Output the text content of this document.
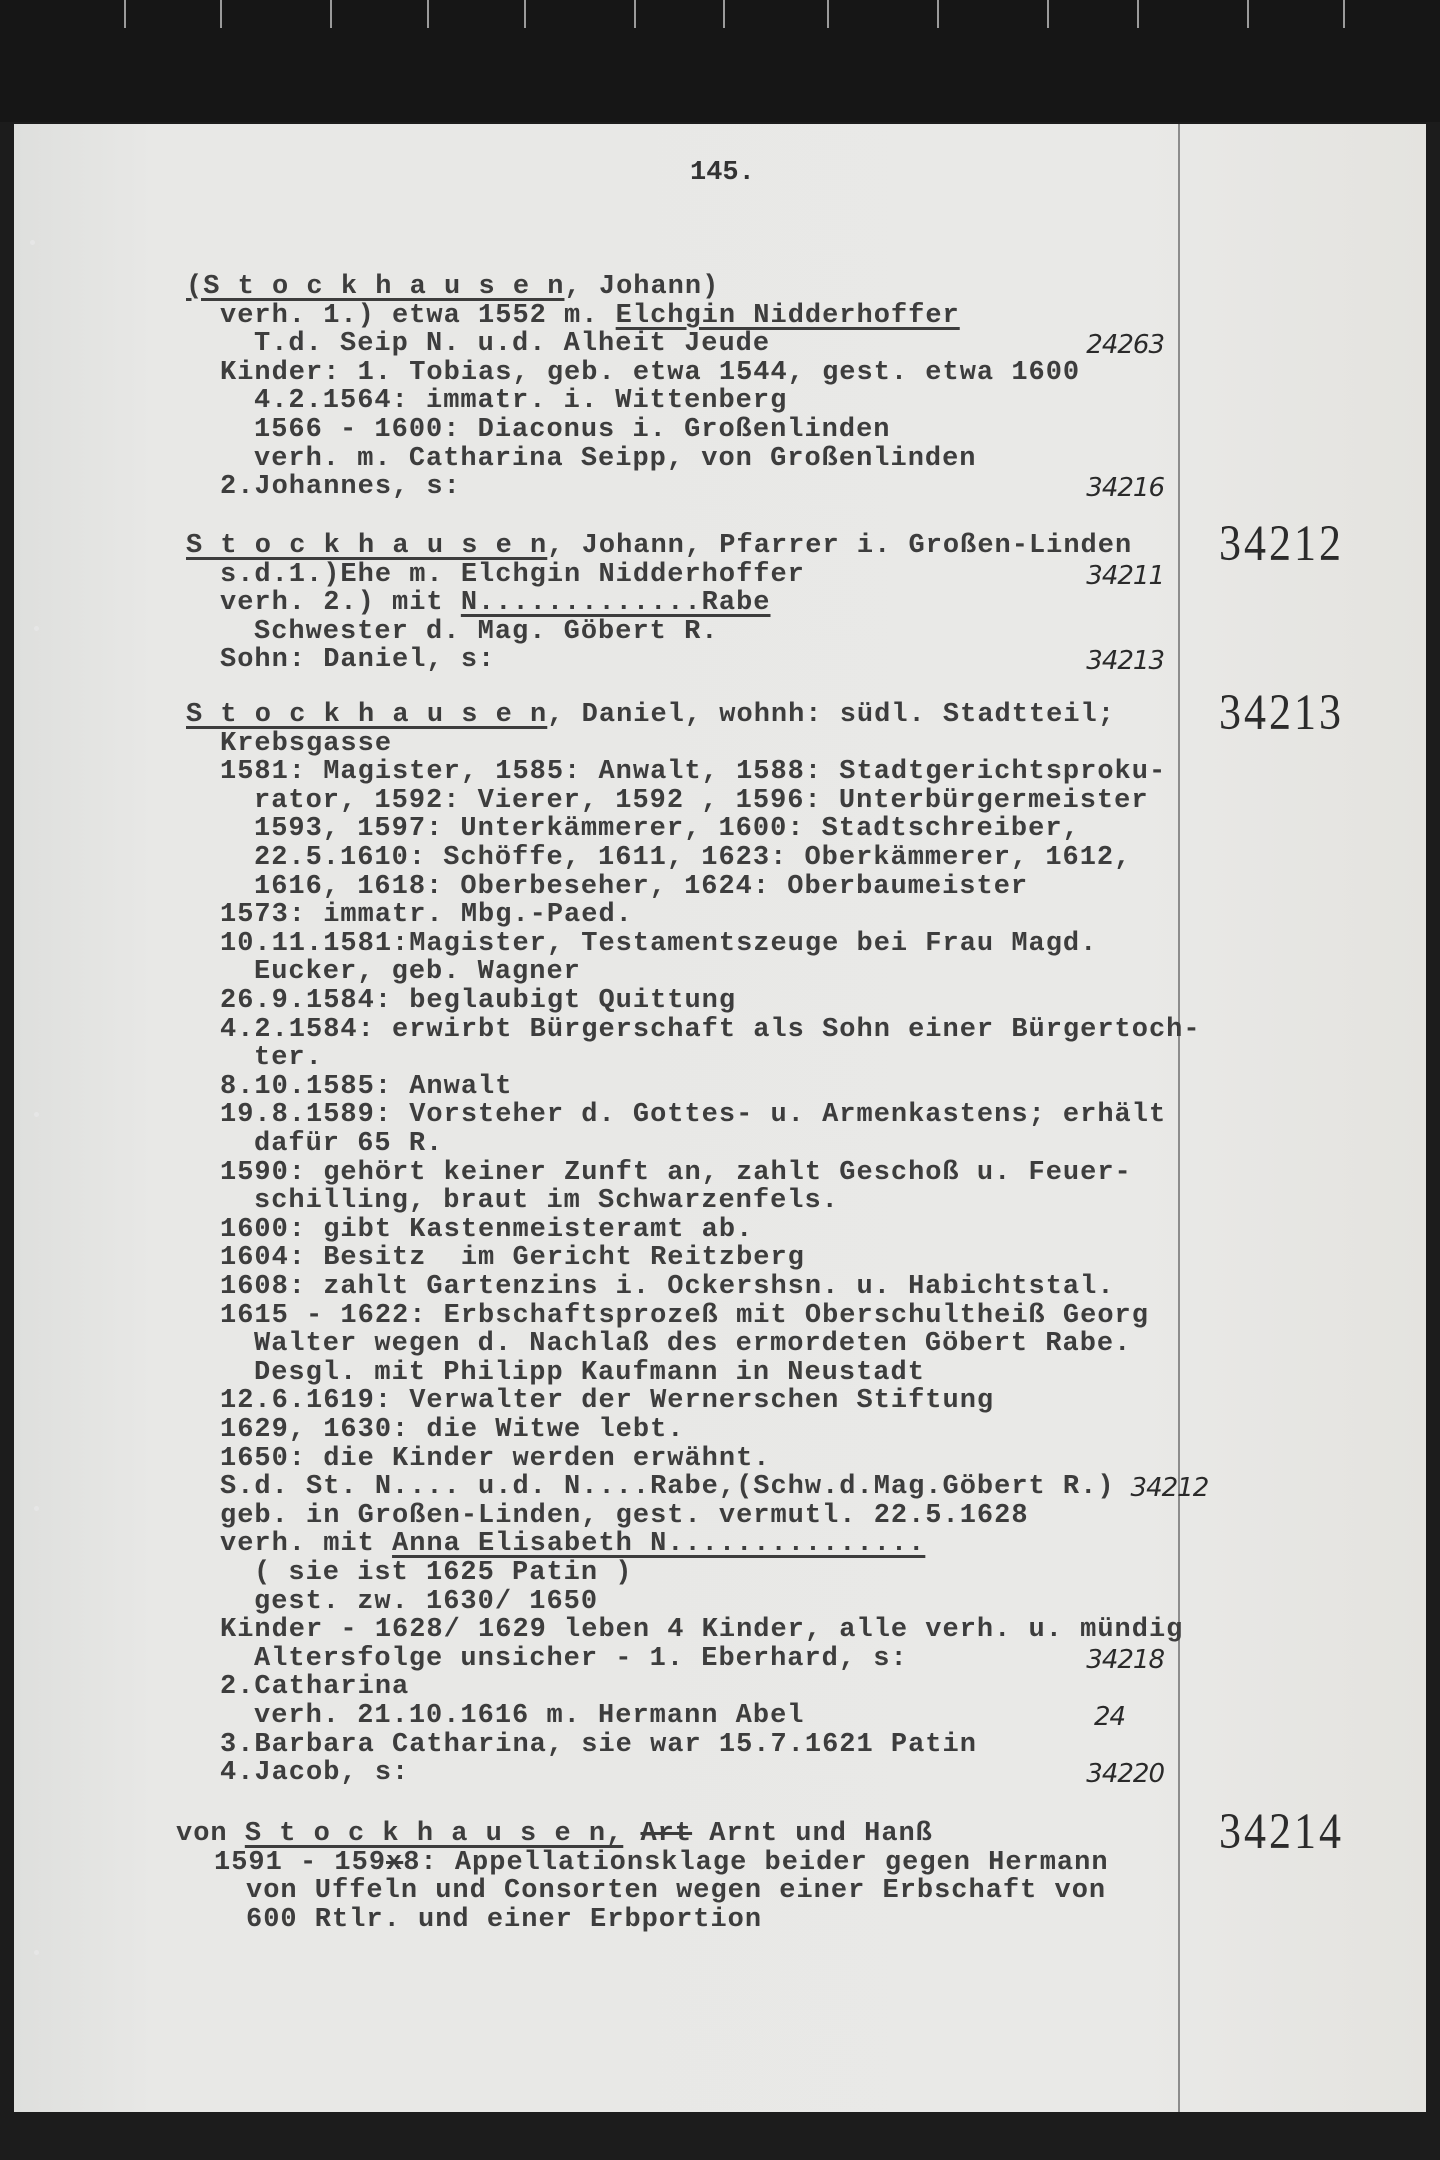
145.
(S t o c k h a u s e n, Johann)
verh. 1.) etwa 1552 m. Elchgin Nidderhoffer
T.d. Seip N. u.d. Alheit Jeude	24263
Kinder: 1. Tobias, geb. etwa 1544, gest. etwa 1600
4.2.1564: immatr. i. Wittenberg
1566 - 1600: Diaconus i. Großenlinden
verh. m. Catharina Seipp, von Großenlinden
2.Johannes, s:	34216
S t o c k h a u s e n, Johann, Pfarrer i. Großen-Linden
s.d.1.)Ehe m. Elchgin Nidderhoffer	34211
verh. 2.) mit N.............Rabe
Schwester d. Mag. Göbert R.
Sohn: Daniel, s:	34213
34212
S t o c k h a u s e n, Daniel, wohnh: südl. Stadtteil;
Krebsgasse
1581: Magister, 1585: Anwalt, 1588: Stadtgerichtsproku-
rator, 1592: Vierer, 1592 , 1596: Unterbürgermeister
1593, 1597: Unterkämmerer, 1600: Stadtschreiber,
22.5.1610: Schöffe, 1611, 1623: Oberkämmerer, 1612,
1616, 1618: Oberbeseher, 1624: Oberbaumeister
1573: immatr. Mbg.-Paed.
10.11.1581:Magister, Testamentszeuge bei Frau Magd.
Eucker, geb. Wagner
26.9.1584: beglaubigt Quittung
4.2.1584: erwirbt Bürgerschaft als Sohn einer Bürgertoch-
ter.
8.10.1585: Anwalt
19.8.1589: Vorsteher d. Gottes- u. Armenkastens; erhält
dafür 65 R.
1590: gehört keiner Zunft an, zahlt Geschoß u. Feuer-
schilling, braut im Schwarzenfels.
1600: gibt Kastenmeisteramt ab.
1604: Besitz  im Gericht Reitzberg
1608: zahlt Gartenzins i. Ockershsn. u. Habichtstal.
1615 - 1622: Erbschaftsprozeß mit Oberschultheiß Georg
Walter wegen d. Nachlaß des ermordeten Göbert Rabe.
Desgl. mit Philipp Kaufmann in Neustadt
12.6.1619: Verwalter der Wernerschen Stiftung
1629, 1630: die Witwe lebt.
1650: die Kinder werden erwähnt.
S.d. St. N.... u.d. N....Rabe,(Schw.d.Mag.Göbert R.) 34212
geb. in Großen-Linden, gest. vermutl. 22.5.1628
verh. mit Anna Elisabeth N...............
( sie ist 1625 Patin )
gest. zw. 1630/ 1650
Kinder - 1628/ 1629 leben 4 Kinder, alle verh. u. mündig
Altersfolge unsicher - 1. Eberhard, s:	34218
2.Catharina
verh. 21.10.1616 m. Hermann Abel	24
3.Barbara Catharina, sie war 15.7.1621 Patin
4.Jacob, s:	34220
34213
von S t o c k h a u s e n, Art Arnt und Hanß
1591 - 159x8: Appellationsklage beider gegen Hermann
von Uffeln und Consorten wegen einer Erbschaft von
600 Rtlr. und einer Erbportion
34214
